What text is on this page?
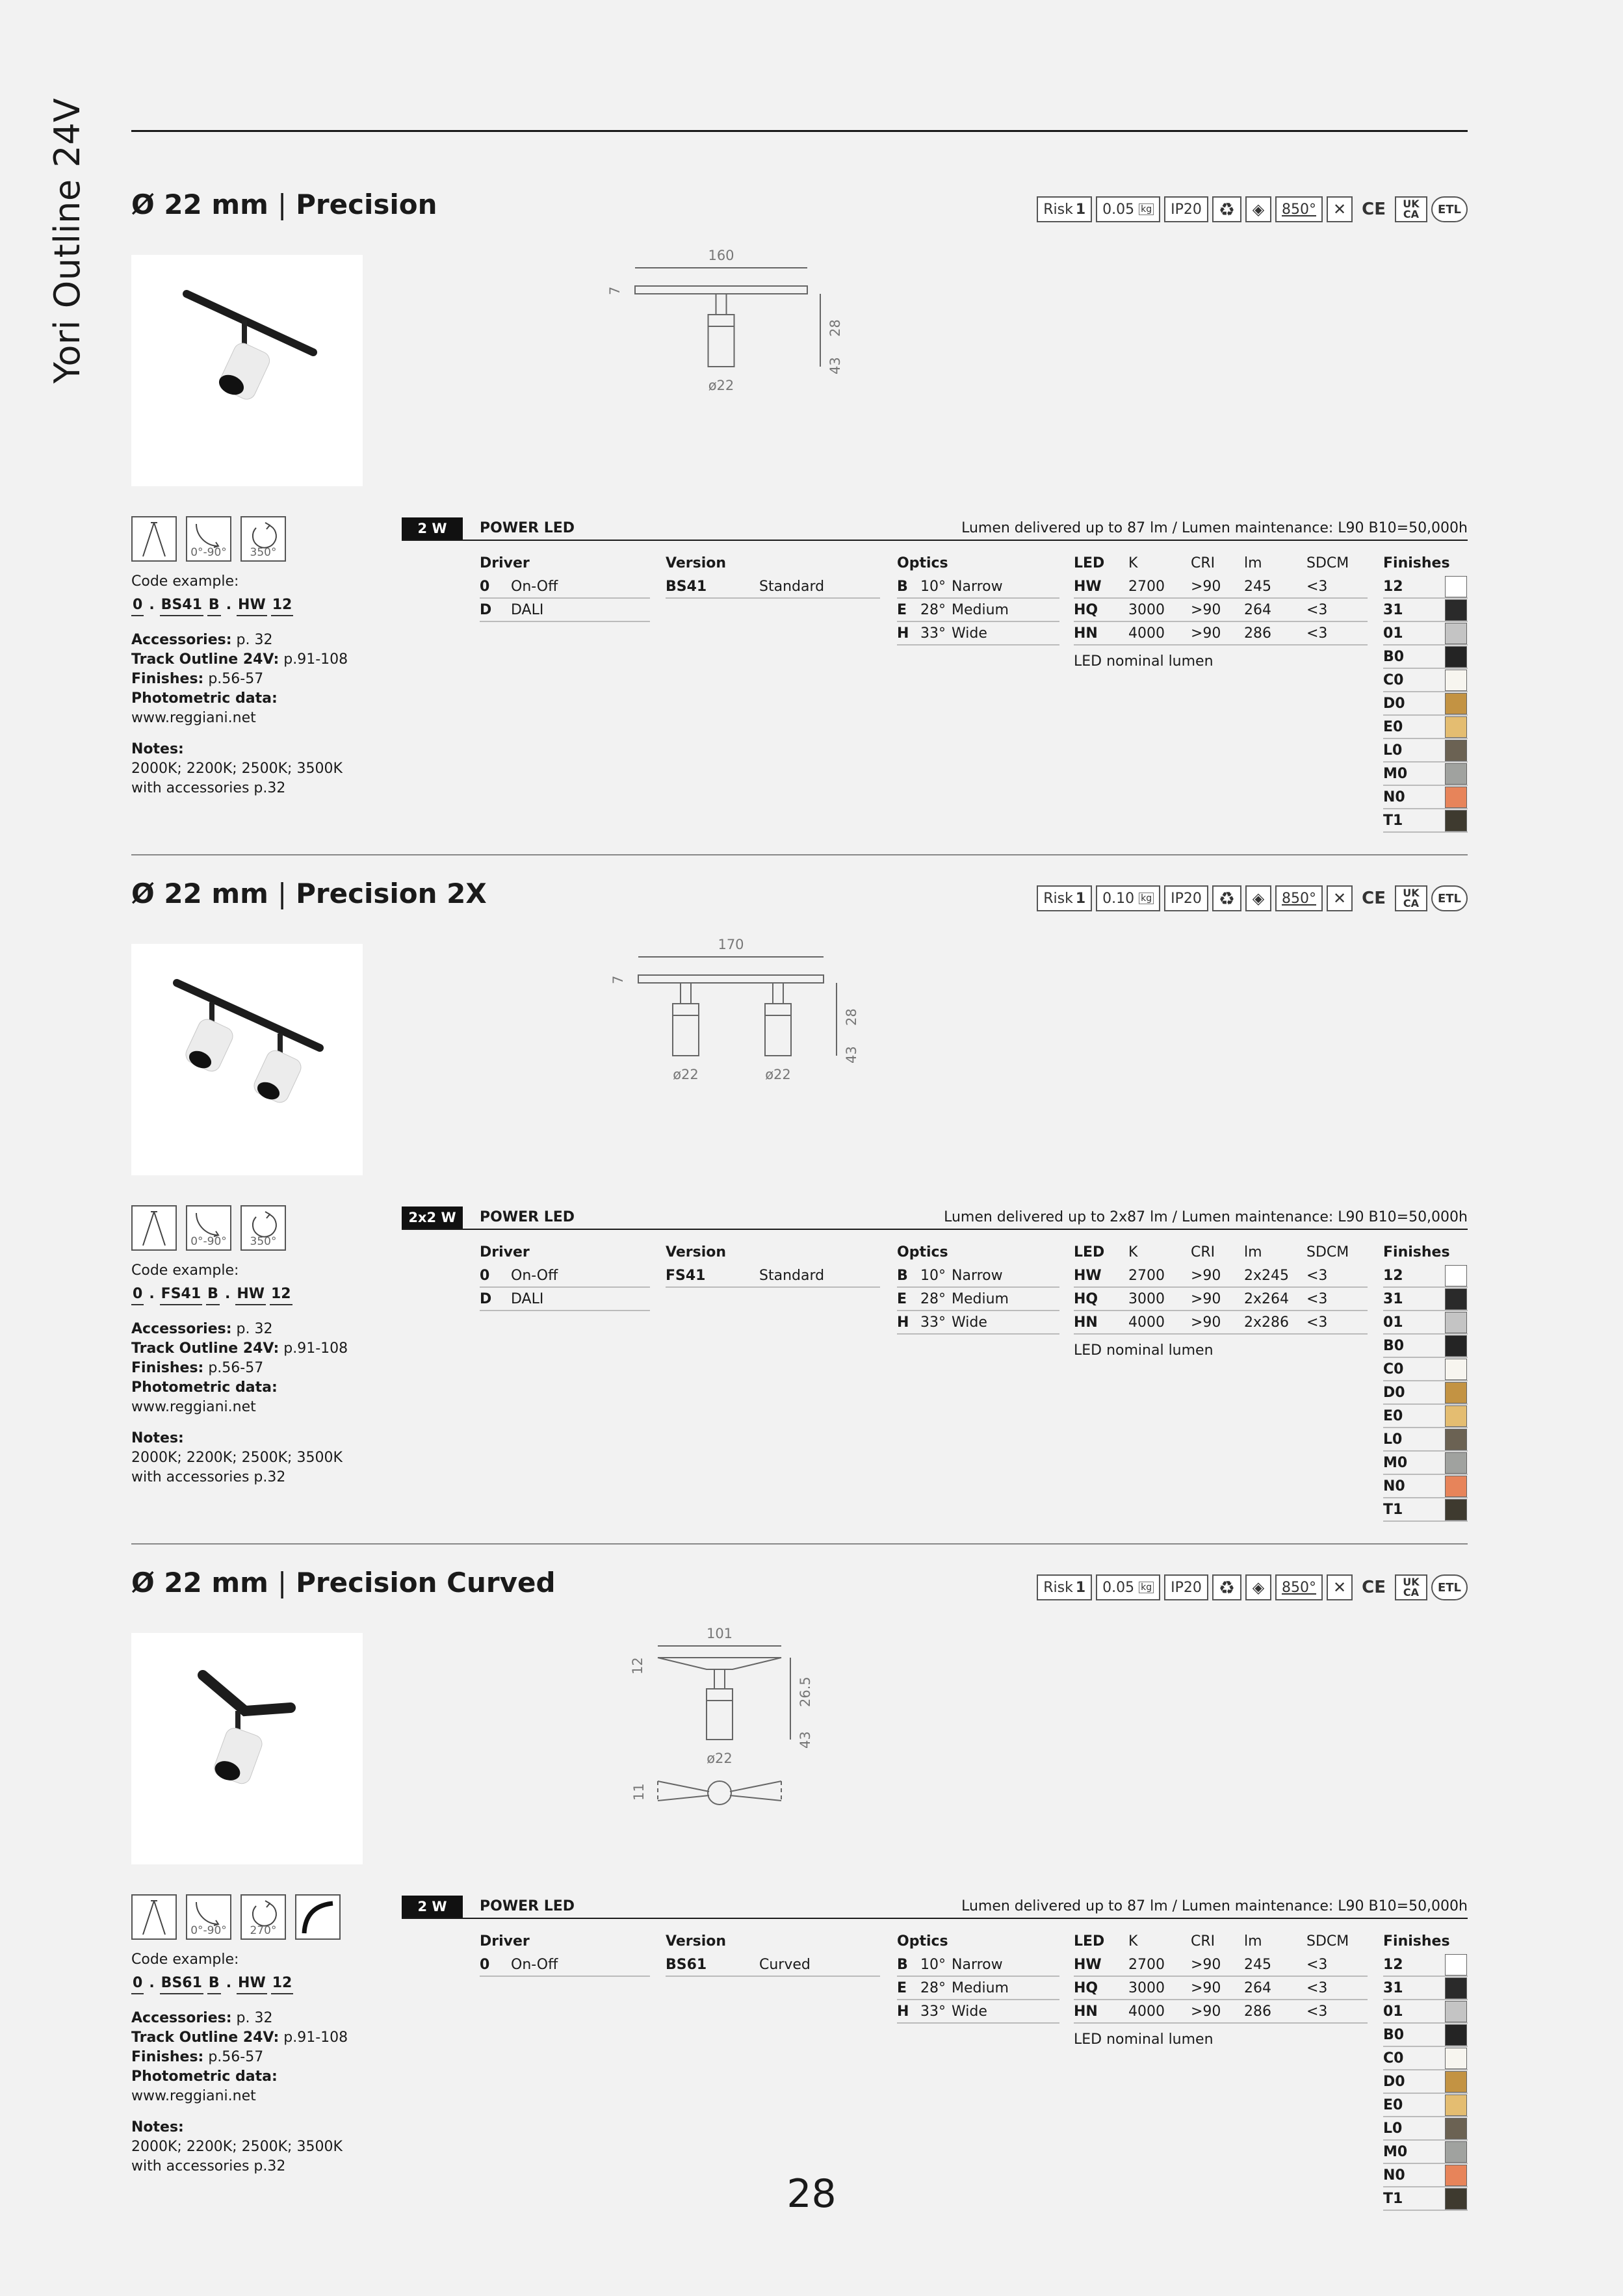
Yori Outline 24V Ø 22 mm | Precision	Risk 1 0.05
kg IP20 ♻	◈	850°	✕ CE UK CA ETL
160
7
ø22
28
43
0°-90°	350°
Code example:
0 . BS41 B . HW 12
Accessories: p. 32
Track Outline 24V: p.91-108
Finishes: p.56-57
Photometric data:
www.reggiani.net
Notes:
2000K; 2200K; 2500K; 3500K
with accessories p.32
2 W	POWER LED	Lumen delivered up to 87 lm / Lumen maintenance: L90 B10=50,000h
Driver
0	On-Off
D	DALI
Version
BS41	Standard
Optics
B 10° Narrow
E 28° Medium
H 33° Wide
LED	K	CRI	lm	SDCM
HW	2700	>90	245	<3
HQ	3000	>90	264	<3
HN	4000	>90	286	<3
LED nominal lumen
Finishes
12
31
01
B0
C0
D0
E0
L0
M0
N0
T1
Ø 22 mm | Precision 2X	Risk 1 0.10
kg IP20 ♻	◈	850°	✕ CE UK CA ETL
170
7
ø22	ø22
28
43
0°-90°	350°
Code example:
0 . FS41 B . HW 12
Accessories: p. 32
Track Outline 24V: p.91-108
Finishes: p.56-57
Photometric data:
www.reggiani.net
Notes:
2000K; 2200K; 2500K; 3500K
with accessories p.32
2x2 W	POWER LED	Lumen delivered up to 2x87 lm / Lumen maintenance: L90 B10=50,000h
Driver
0	On-Off
D	DALI
Version
FS41	Standard
Optics
B 10° Narrow
E 28° Medium
H 33° Wide
LED	K	CRI	lm	SDCM
HW	2700	>90	2x245	<3
HQ	3000	>90	2x264	<3
HN	4000	>90	2x286	<3
LED nominal lumen
Finishes
12
31
01
B0
C0
D0
E0
L0
M0
N0
T1
Ø 22 mm | Precision Curved	Risk 1 0.05
kg IP20 ♻	◈	850°	✕ CE UK CA ETL
101
12
ø22
26.5
43
11
0°-90°	270°
Code example:
0 . BS61 B . HW 12
Accessories: p. 32
Track Outline 24V: p.91-108
Finishes: p.56-57
Photometric data:
www.reggiani.net
Notes:
2000K; 2200K; 2500K; 3500K
with accessories p.32
2 W	POWER LED	Lumen delivered up to 87 lm / Lumen maintenance: L90 B10=50,000h
Driver
0	On-Off
Version
BS61	Curved
Optics
B 10° Narrow
E 28° Medium
H 33° Wide
LED	K	CRI	lm	SDCM
HW	2700	>90	245	<3
HQ	3000	>90	264	<3
HN	4000	>90	286	<3
LED nominal lumen
Finishes
12
31
01
B0
C0
D0
E0
L0
M0
N0
T1
28
